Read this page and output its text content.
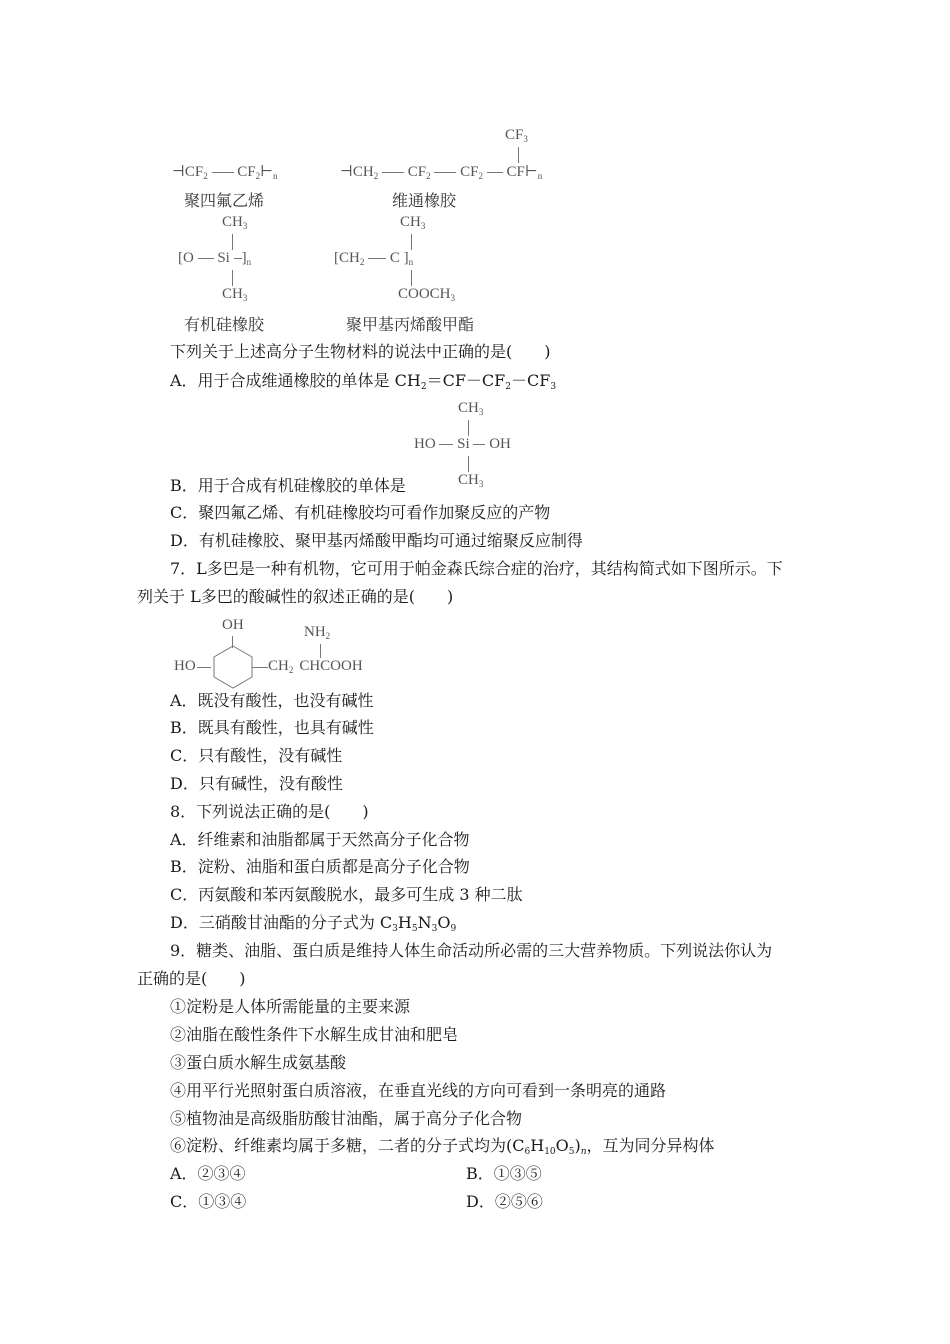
$⊣CF_2$ $CF_2⊢_n$
聚四氟乙烯
$CF_3$
$⊣CH_2$ $CF_2$ $CF_2$ $CF⊢_n$
维通橡胶
$CH_3$
[O Si ]$_n$
$CH_3$
有机硅橡胶
$CH_3$
[$CH_2$ C ]$_n$
$COOCH_3$
聚甲基丙烯酸甲酯
下列关于上述高分子生物材料的说法中正确的是(　　)
A．用于合成维通橡胶的单体是 $CH_2=CF-CF_2-CF_3$
$CH_3$
HO Si OH
$CH_3$
B．用于合成有机硅橡胶的单体是
C．聚四氟乙烯、有机硅橡胶均可看作加聚反应的产物
D．有机硅橡胶、聚甲基丙烯酸甲酯均可通过缩聚反应制得
7．L多巴是一种有机物，它可用于帕金森氏综合症的治疗，其结构简式如下图所示。下
列关于 L多巴的酸碱性的叙述正确的是(　　)
OH	$NH_2$
HO	$CH_2$ CHCOOH
A．既没有酸性，也没有碱性
B．既具有酸性，也具有碱性
C．只有酸性，没有碱性
D．只有碱性，没有酸性
8．下列说法正确的是(　　)
A．纤维素和油脂都属于天然高分子化合物
B．淀粉、油脂和蛋白质都是高分子化合物
C．丙氨酸和苯丙氨酸脱水，最多可生成 3 种二肽
D．三硝酸甘油酯的分子式为 $C_3H_5N_3O_9$
9．糖类、油脂、蛋白质是维持人体生命活动所必需的三大营养物质。下列说法你认为
正确的是(　　)
①淀粉是人体所需能量的主要来源
②油脂在酸性条件下水解生成甘油和肥皂
③蛋白质水解生成氨基酸
④用平行光照射蛋白质溶液，在垂直光线的方向可看到一条明亮的通路
⑤植物油是高级脂肪酸甘油酯，属于高分子化合物
⑥淀粉、纤维素均属于多糖，二者的分子式均为$(C_6H_{10}O_5)_n$，互为同分异构体
A．②③④	B．①③⑤
C．①③④	D．②⑤⑥
